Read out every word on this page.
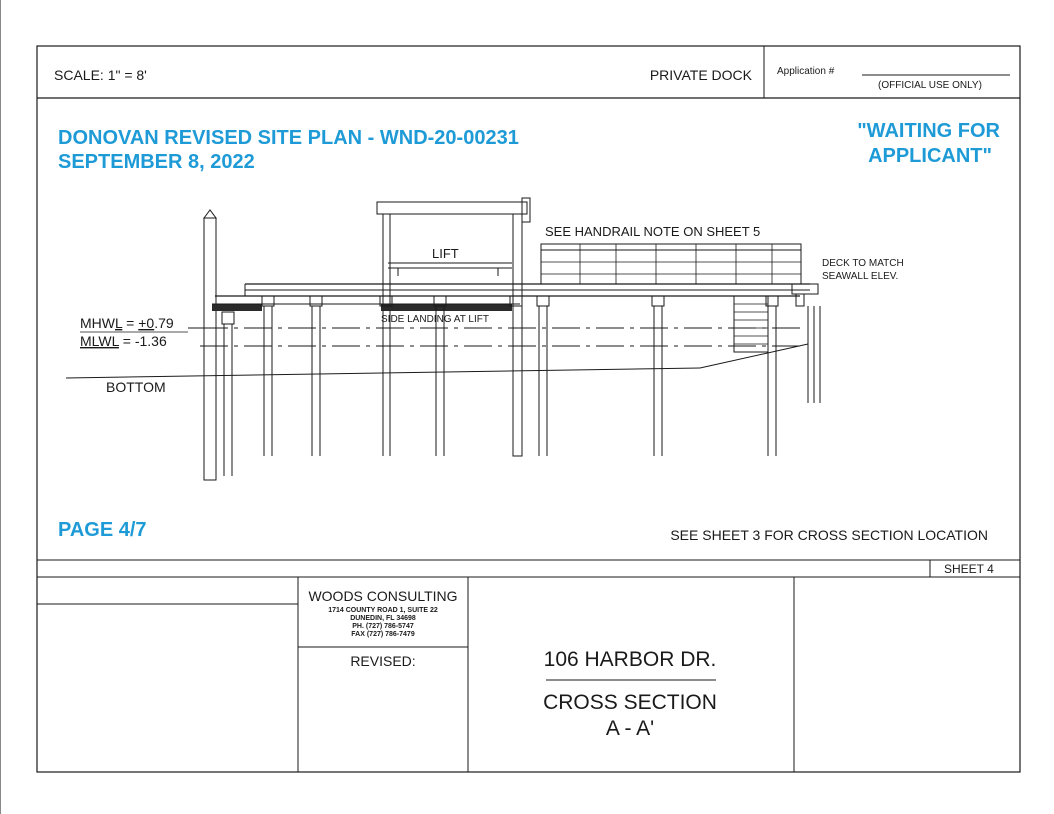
SCALE: 1" = 8'	PRIVATE DOCK	Application #
(OFFICIAL USE ONLY)
DONOVAN REVISED SITE PLAN - WND-20-00231
SEPTEMBER 8, 2022
"WAITING FOR
APPLICANT"
PAGE 4/7
LIFT
SEE HANDRAIL NOTE ON SHEET 5
DECK TO MATCH
SEAWALL ELEV.
SIDE LANDING AT LIFT
MHWL = +0.79
MLWL = -1.36
BOTTOM
SEE SHEET 3 FOR CROSS SECTION LOCATION
SHEET 4
WOODS CONSULTING
1714 COUNTY ROAD 1, SUITE 22
DUNEDIN, FL 34698
PH. (727) 786-5747
FAX (727) 786-7479
REVISED:	106 HARBOR DR.
CROSS SECTION
A - A'
